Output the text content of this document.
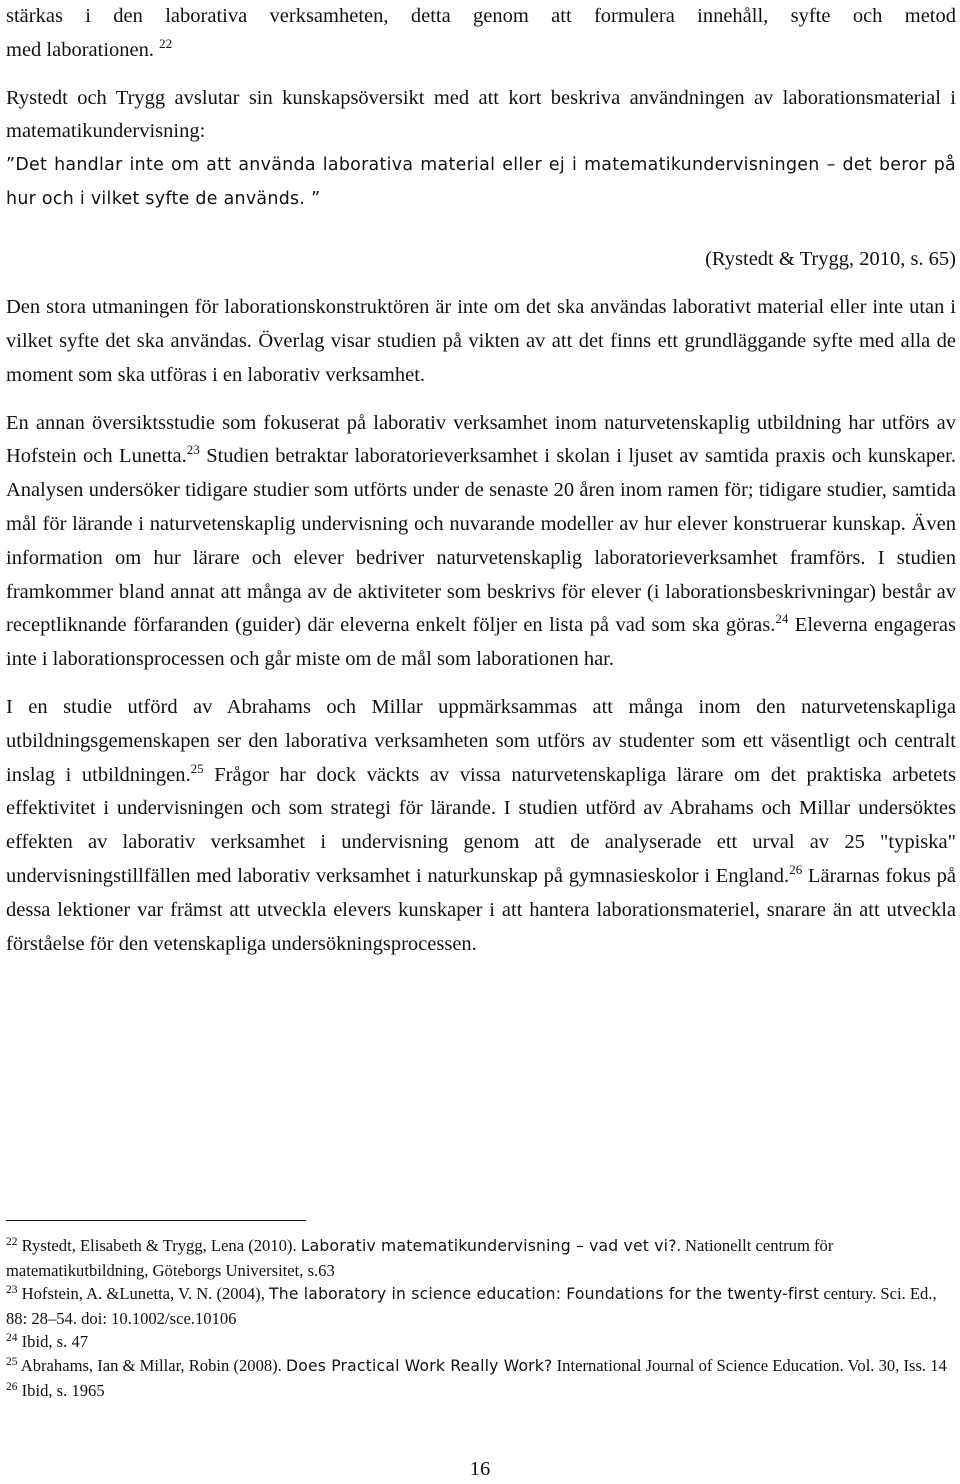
stärkas i den laborativa verksamheten, detta genom att formulera innehåll, syfte och metod

med laborationen. $^{22}$

Rystedt och Trygg avslutar sin kunskapsöversikt med att kort beskriva användningen av laborationsmaterial i matematikundervisning:

”Det handlar inte om att använda laborativa material eller ej i matematikundervisningen – det beror på hur och i vilket syfte de används. ”

(Rystedt & Trygg, 2010, s. 65)

Den stora utmaningen för laborationskonstruktören är inte om det ska användas laborativt material eller inte utan i vilket syfte det ska användas. Överlag visar studien på vikten av att det finns ett grundläggande syfte med alla de moment som ska utföras i en laborativ verksamhet.

En annan översiktsstudie som fokuserat på laborativ verksamhet inom naturvetenskaplig utbildning har utförs av Hofstein och Lunetta.$^{23}$ Studien betraktar laboratorieverksamhet i skolan i ljuset av samtida praxis och kunskaper. Analysen undersöker tidigare studier som utförts under de senaste 20 åren inom ramen för; tidigare studier, samtida mål för lärande i naturvetenskaplig undervisning och nuvarande modeller av hur elever konstruerar kunskap. Även information om hur lärare och elever bedriver naturvetenskaplig laboratorieverksamhet framförs. I studien framkommer bland annat att många av de aktiviteter som beskrivs för elever (i laborationsbeskrivningar) består av receptliknande förfaranden (guider) där eleverna enkelt följer en lista på vad som ska göras.$^{24}$ Eleverna engageras inte i laborationsprocessen och går miste om de mål som laborationen har.

I en studie utförd av Abrahams och Millar uppmärksammas att många inom den naturvetenskapliga utbildningsgemenskapen ser den laborativa verksamheten som utförs av studenter som ett väsentligt och centralt inslag i utbildningen.$^{25}$ Frågor har dock väckts av vissa naturvetenskapliga lärare om det praktiska arbetets effektivitet i undervisningen och som strategi för lärande. I studien utförd av Abrahams och Millar undersöktes effekten av laborativ verksamhet i undervisning genom att de analyserade ett urval av 25 "typiska" undervisningstillfällen med laborativ verksamhet i naturkunskap på gymnasieskolor i England.$^{26}$ Lärarnas fokus på dessa lektioner var främst att utveckla elevers kunskaper i att hantera laborationsmateriel, snarare än att utveckla förståelse för den vetenskapliga undersökningsprocessen.

$^{22}$ Rystedt, Elisabeth & Trygg, Lena (2010). Laborativ matematikundervisning – vad vet vi?. Nationellt centrum för matematikutbildning, Göteborgs Universitet, s.63

$^{23}$ Hofstein, A. &Lunetta, V. N. (2004), The laboratory in science education: Foundations for the twenty-first century. Sci. Ed., 88: 28–54. doi: 10.1002/sce.10106

$^{24}$ Ibid, s. 47

$^{25}$ Abrahams, Ian & Millar, Robin (2008). Does Practical Work Really Work? International Journal of Science Education. Vol. 30, Iss. 14

$^{26}$ Ibid, s. 1965

16
